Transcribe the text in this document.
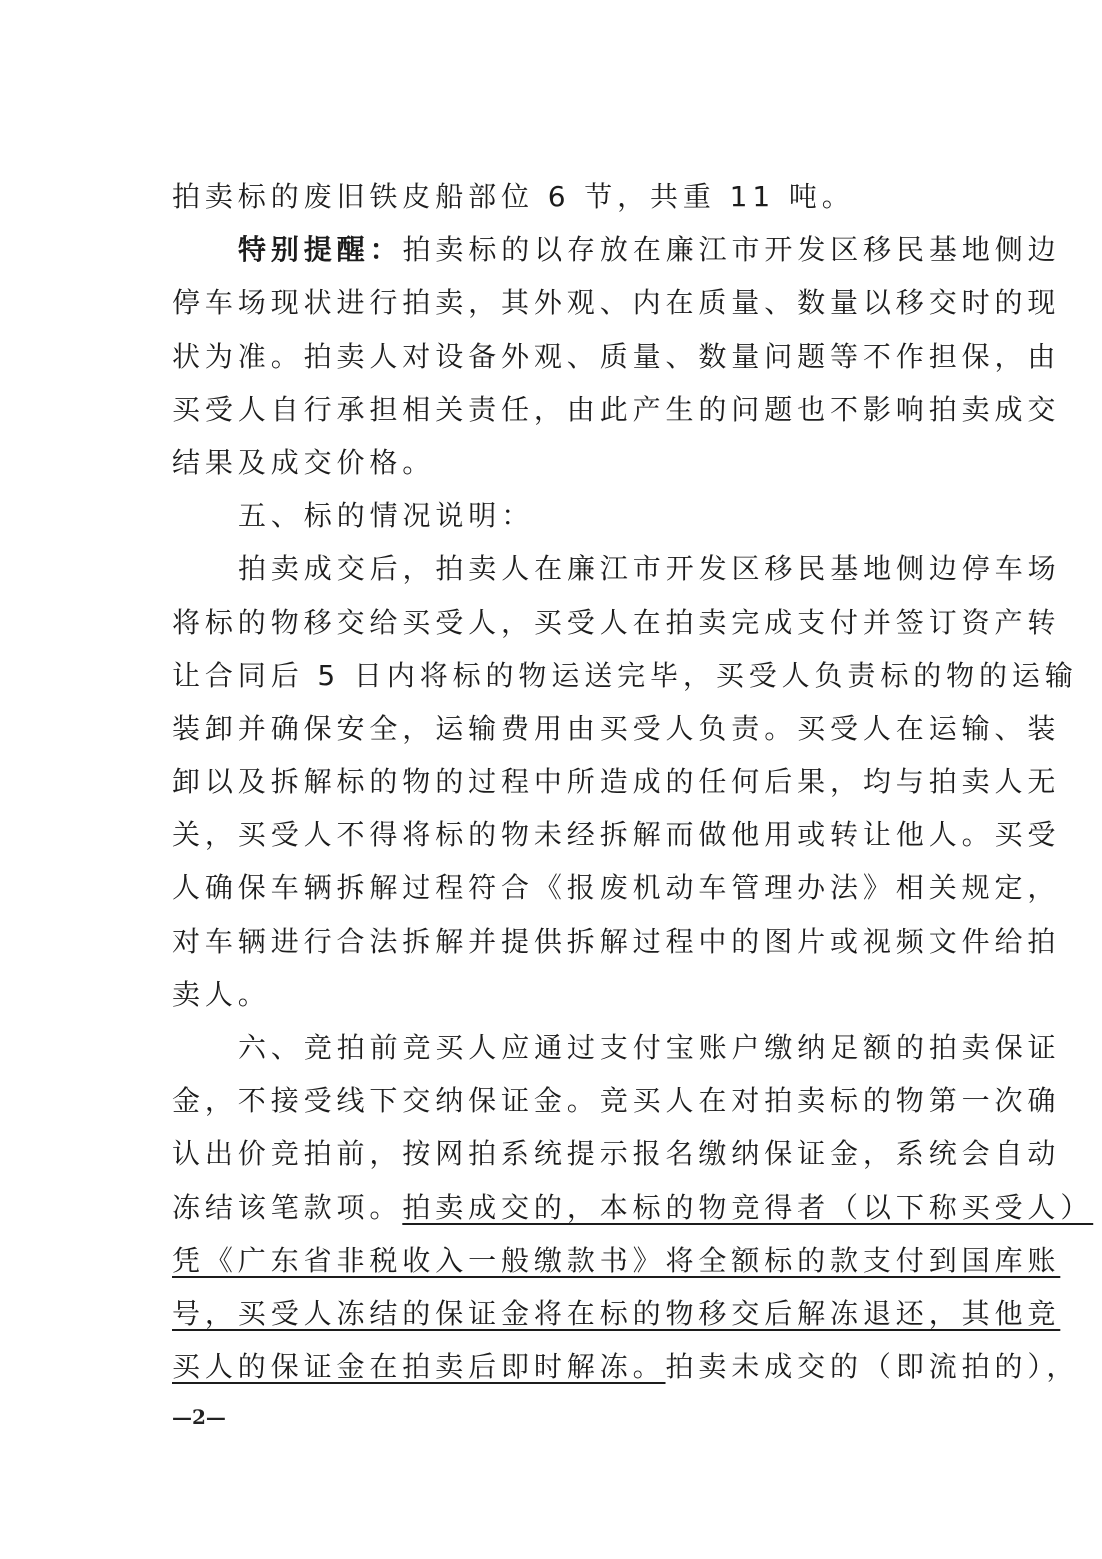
拍卖标的废旧铁皮船部位 6 节，共重 11 吨。
特别提醒：拍卖标的以存放在廉江市开发区移民基地侧边
停车场现状进行拍卖，其外观、内在质量、数量以移交时的现
状为准。拍卖人对设备外观、质量、数量问题等不作担保，由
买受人自行承担相关责任，由此产生的问题也不影响拍卖成交
结果及成交价格。
五、标的情况说明：
拍卖成交后，拍卖人在廉江市开发区移民基地侧边停车场
将标的物移交给买受人，买受人在拍卖完成支付并签订资产转
让合同后 5 日内将标的物运送完毕，买受人负责标的物的运输
装卸并确保安全，运输费用由买受人负责。买受人在运输、装
卸以及拆解标的物的过程中所造成的任何后果，均与拍卖人无
关，买受人不得将标的物未经拆解而做他用或转让他人。买受
人确保车辆拆解过程符合《报废机动车管理办法》相关规定，
对车辆进行合法拆解并提供拆解过程中的图片或视频文件给拍
卖人。
六、竞拍前竞买人应通过支付宝账户缴纳足额的拍卖保证
金，不接受线下交纳保证金。竞买人在对拍卖标的物第一次确
认出价竞拍前，按网拍系统提示报名缴纳保证金，系统会自动
冻结该笔款项。拍卖成交的，本标的物竞得者（以下称买受人）
凭《广东省非税收入一般缴款书》将全额标的款支付到国库账
号，买受人冻结的保证金将在标的物移交后解冻退还，其他竞
买人的保证金在拍卖后即时解冻。拍卖未成交的（即流拍的），
—2—
